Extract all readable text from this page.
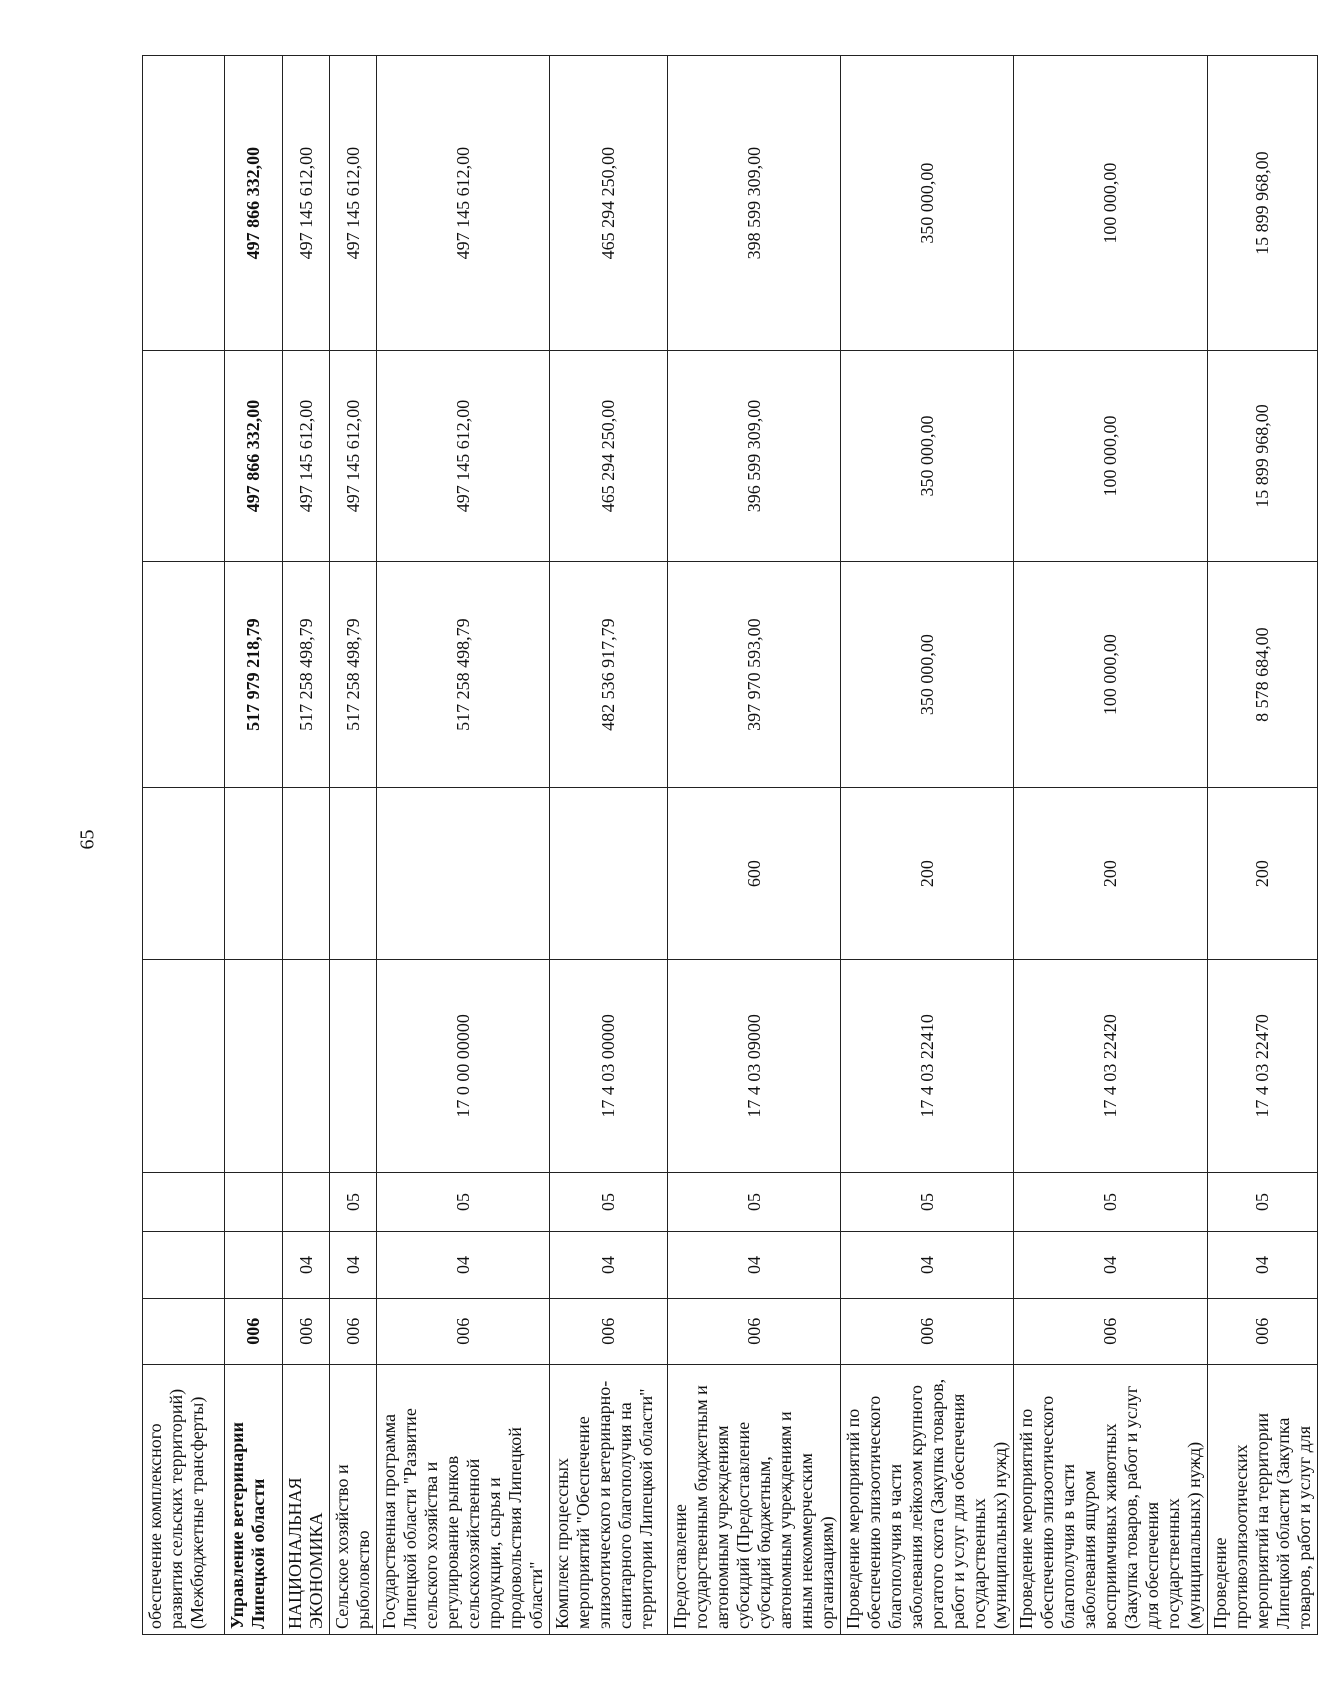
65
обеспечение комплексного развития сельских территорий) (Межбюджетные трансферты)								
Управление ветеринарии Липецкой области	006					517 979 218,79	497 866 332,00	497 866 332,00
НАЦИОНАЛЬНАЯ ЭКОНОМИКА	006	04				517 258 498,79	497 145 612,00	497 145 612,00
Сельское хозяйство и рыболовство	006	04	05			517 258 498,79	497 145 612,00	497 145 612,00
Государственная программа Липецкой области "Развитие сельского хозяйства и регулирование рынков сельскохозяйственной продукции, сырья и продовольствия Липецкой области"	006	04	05	17 0 00 00000		517 258 498,79	497 145 612,00	497 145 612,00
Комплекс процессных мероприятий "Обеспечение эпизоотического и ветеринарно-санитарного благополучия на территории Липецкой области"	006	04	05	17 4 03 00000		482 536 917,79	465 294 250,00	465 294 250,00
Предоставление государственным бюджетным и автономным учреждениям субсидий (Предоставление субсидий бюджетным, автономным учреждениям и иным некоммерческим организациям)	006	04	05	17 4 03 09000	600	397 970 593,00	396 599 309,00	398 599 309,00
Проведение мероприятий по обеспечению эпизоотического благополучия в части заболевания лейкозом крупного рогатого скота (Закупка товаров, работ и услуг для обеспечения государственных (муниципальных) нужд)	006	04	05	17 4 03 22410	200	350 000,00	350 000,00	350 000,00
Проведение мероприятий по обеспечению эпизоотического благополучия в части заболевания ящуром восприимчивых животных (Закупка товаров, работ и услуг для обеспечения государственных (муниципальных) нужд)	006	04	05	17 4 03 22420	200	100 000,00	100 000,00	100 000,00
Проведение противоэпизоотических мероприятий на территории Липецкой области (Закупка товаров, работ и услуг для	006	04	05	17 4 03 22470	200	8 578 684,00	15 899 968,00	15 899 968,00
